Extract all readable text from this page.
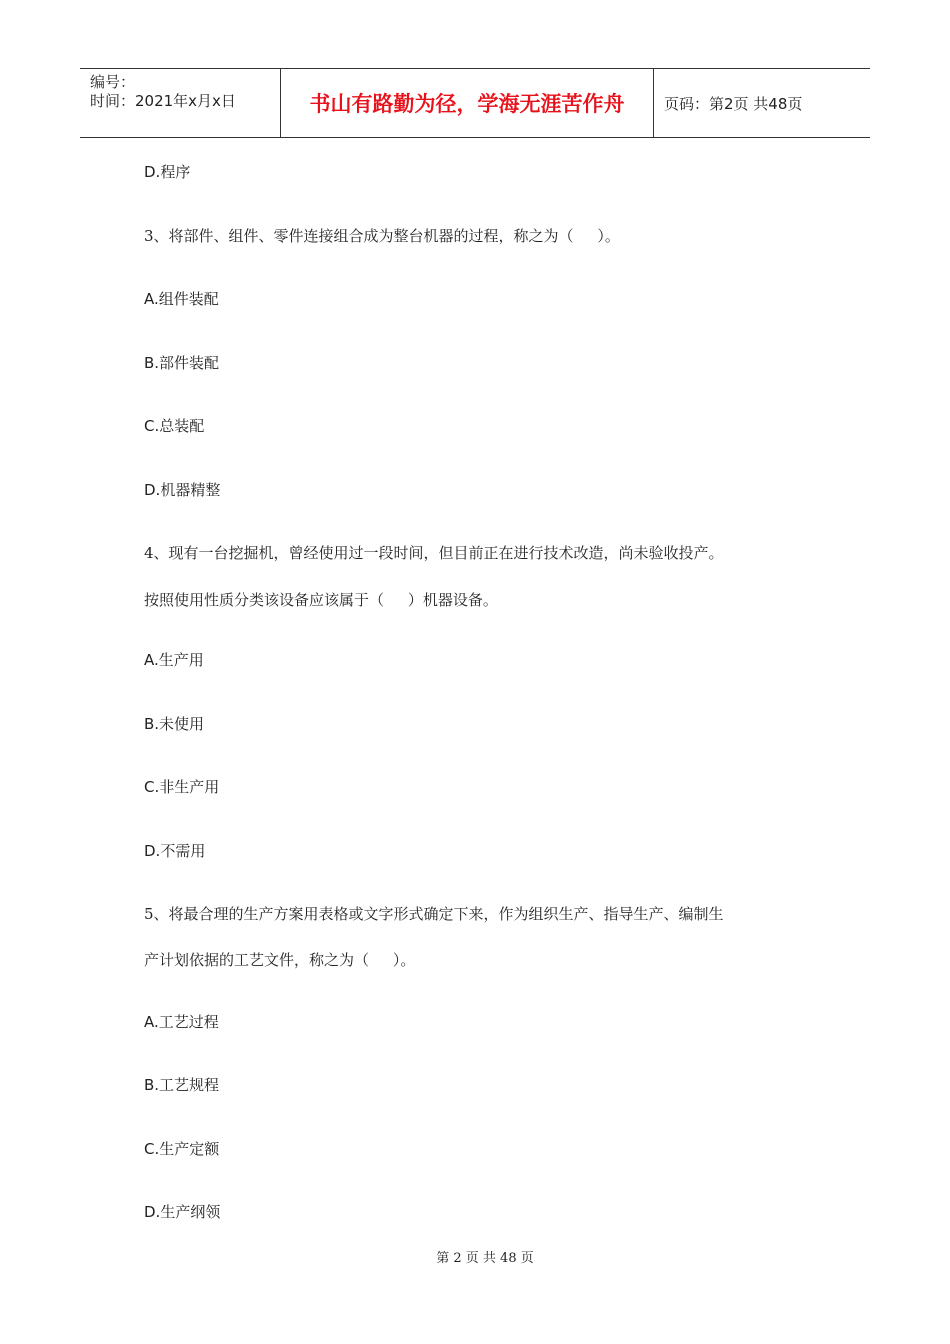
编号：
时间：2021年x月x日	书山有路勤为径，学海无涯苦作舟	页码：第2页 共48页
D.程序
3、将部件、组件、零件连接组合成为整台机器的过程，称之为（     ）。
A.组件装配
B.部件装配
C.总装配
D.机器精整
4、现有一台挖掘机，曾经使用过一段时间，但目前正在进行技术改造，尚未验收投产。
按照使用性质分类该设备应该属于（     ）机器设备。
A.生产用
B.未使用
C.非生产用
D.不需用
5、将最合理的生产方案用表格或文字形式确定下来，作为组织生产、指导生产、编制生
产计划依据的工艺文件，称之为（     ）。
A.工艺过程
B.工艺规程
C.生产定额
D.生产纲领
第 2 页 共 48 页
